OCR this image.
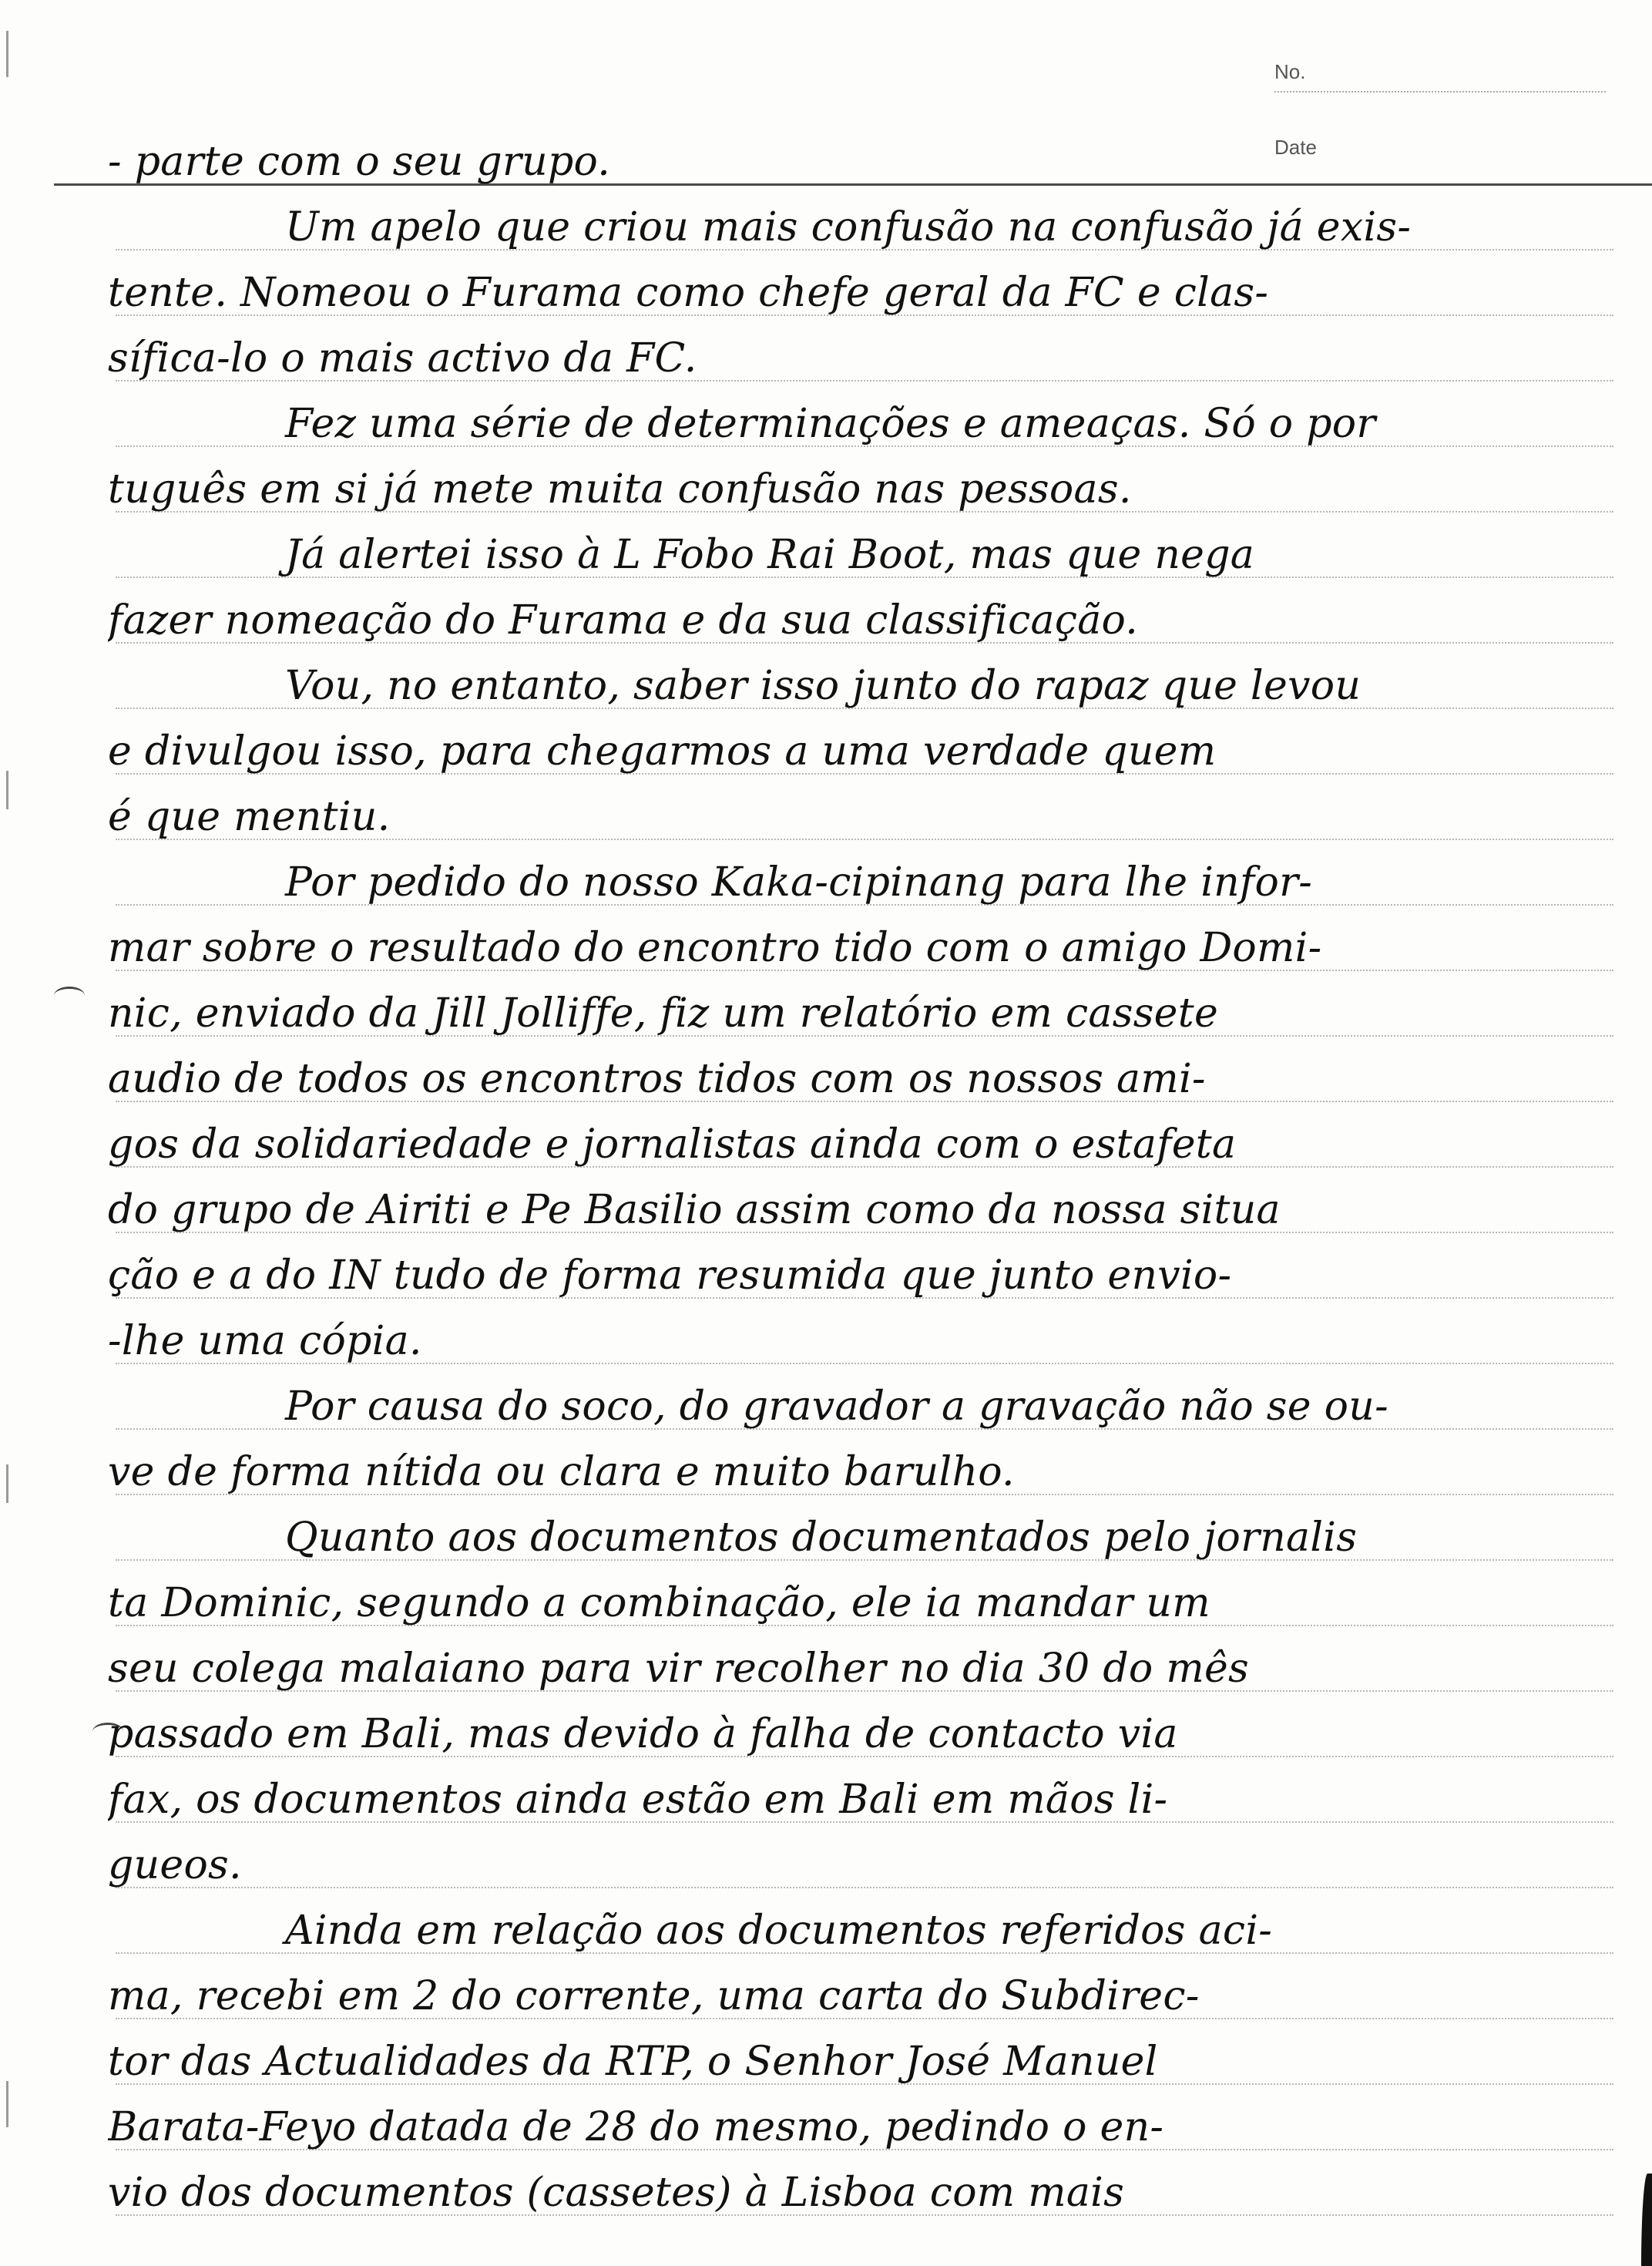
No.
Date
- parte com o seu grupo.
Um apelo que criou mais confusão na confusão já exis-
tente. Nomeou o Furama como chefe geral da FC e clas-
sífica-lo o mais activo da FC.
Fez uma série de determinações e ameaças. Só o por
tuguês em si já mete muita confusão nas pessoas.
Já alertei isso à L Fobo Rai Boot, mas que nega
fazer nomeação do Furama e da sua classificação.
Vou, no entanto, saber isso junto do rapaz que levou
e divulgou isso, para chegarmos a uma verdade quem
é que mentiu.
Por pedido do nosso Kaka-cipinang para lhe infor-
mar sobre o resultado do encontro tido com o amigo Domi-
nic, enviado da Jill Jolliffe, fiz um relatório em cassete
audio de todos os encontros tidos com os nossos ami-
gos da solidariedade e jornalistas ainda com o estafeta
do grupo de Airiti e Pe Basilio assim como da nossa situa
ção e a do IN tudo de forma resumida que junto envio-
-lhe uma cópia.
Por causa do soco, do gravador a gravação não se ou-
ve de forma nítida ou clara e muito barulho.
Quanto aos documentos documentados pelo jornalis
ta Dominic, segundo a combinação, ele ia mandar um
seu colega malaiano para vir recolher no dia 30 do mês
passado em Bali, mas devido à falha de contacto via
fax, os documentos ainda estão em Bali em mãos li-
gueos.
Ainda em relação aos documentos referidos aci-
ma, recebi em 2 do corrente, uma carta do Subdirec-
tor das Actualidades da RTP, o Senhor José Manuel
Barata-Feyo datada de 28 do mesmo, pedindo o en-
vio dos documentos (cassetes) à Lisboa com mais
